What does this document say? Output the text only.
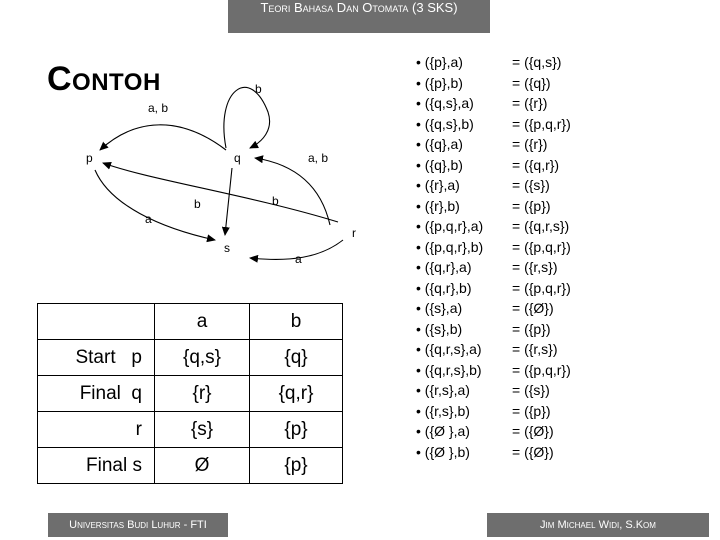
Teori Bahasa Dan Otomata (3 SKS)
Contoh
p	q
r
s
b
a, b
a, b
a
b	b
a
	a	b
Start   p	{q,s}	{q}
Final  q	{r}	{q,r}
r	{s}	{p}
Final s	Ø	{p}
• ({p},a)	= ({q,s})
• ({p},b)	= ({q})
• ({q,s},a)	= ({r})
• ({q,s},b)	= ({p,q,r})
• ({q},a)	= ({r})
• ({q},b)	= ({q,r})
• ({r},a)	= ({s})
• ({r},b)	= ({p})
• ({p,q,r},a) = ({q,r,s})
• ({p,q,r},b) = ({p,q,r})
• ({q,r},a)	= ({r,s})
• ({q,r},b)	= ({p,q,r})
• ({s},a)	= ({Ø})
• ({s},b)	= ({p})
• ({q,r,s},a) = ({r,s})
• ({q,r,s},b) = ({p,q,r})
• ({r,s},a)	= ({s})
• ({r,s},b)	= ({p})
• ({Ø },a)	= ({Ø})
• ({Ø },b)	= ({Ø})
Universitas Budi Luhur - FTI	Jim Michael Widi, S.Kom
